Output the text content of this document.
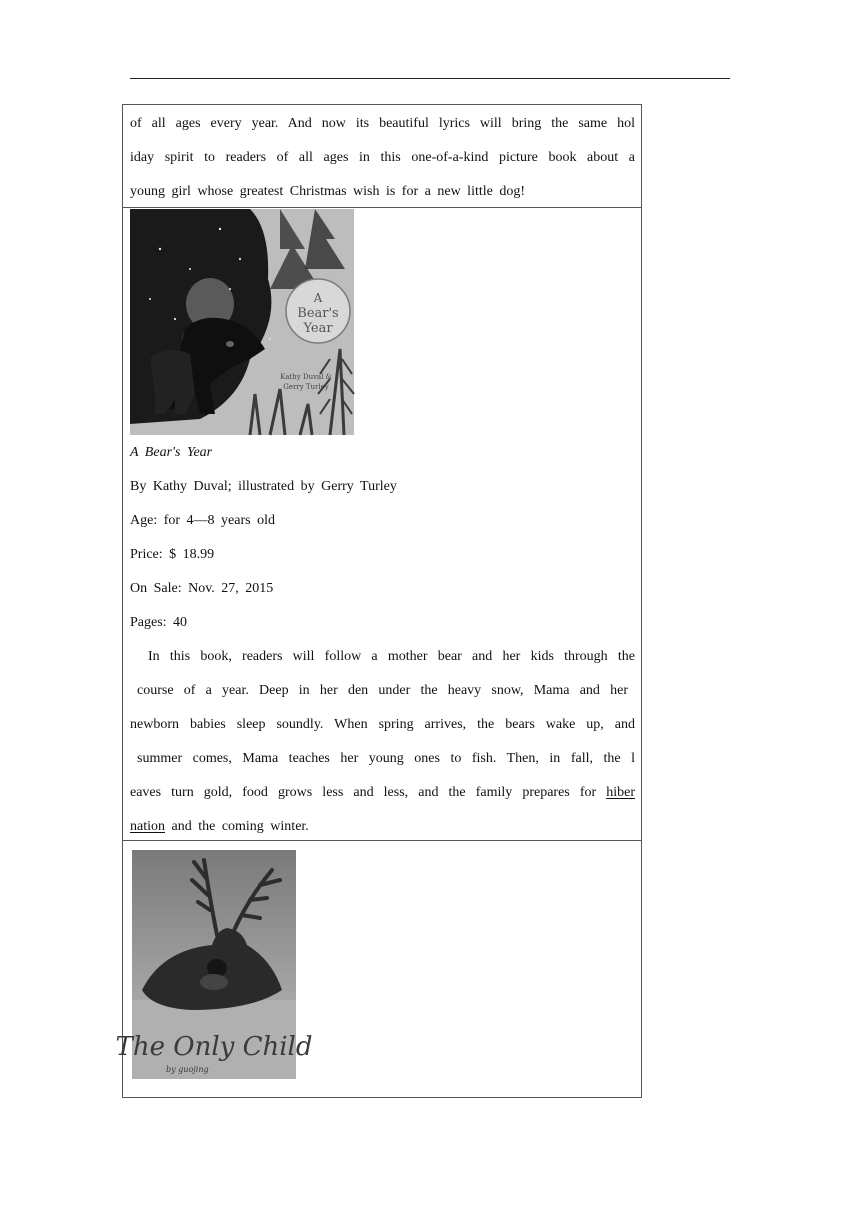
of all ages every year. And now its beautiful lyrics will bring the same hol
iday spirit to readers of all ages in this one-of-a-kind picture book about a
young girl whose greatest Christmas wish is for a new little dog!
A
Bear's
Year
Kathy Duval &
Gerry Turley
A Bear's Year
By Kathy Duval; illustrated by Gerry Turley
Age: for 4—8 years old
Price: $ 18.99
On Sale: Nov. 27, 2015
Pages: 40
In this book, readers will follow a mother bear and her kids through the
course of a year. Deep in her den under the heavy snow, Mama and her
newborn babies sleep soundly. When spring arrives, the bears wake up, and
summer comes, Mama teaches her young ones to fish. Then, in fall, the l
eaves turn gold, food grows less and less, and the family prepares for hiber
nation and the coming winter.
The Only Child
by guojing
